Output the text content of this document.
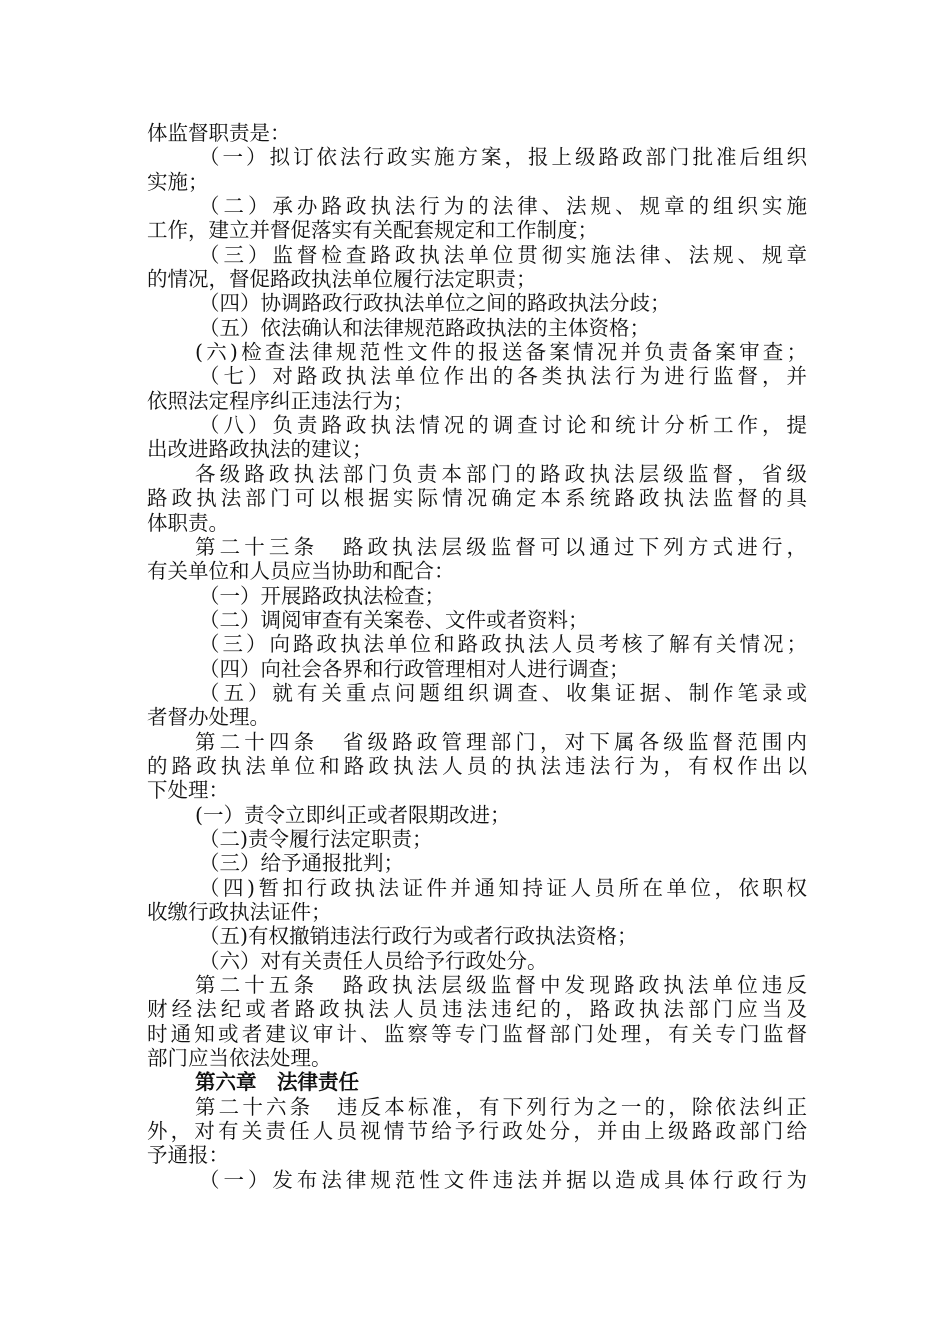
体监督职责是：
（一）拟订依法行政实施方案，报上级路政部门批准后组织
实施；
（二）承办路政执法行为的法律、法规、规章的组织实施
工作，建立并督促落实有关配套规定和工作制度；
（三）监督检查路政执法单位贯彻实施法律、法规、规章
的情况，督促路政执法单位履行法定职责；
（四）协调路政行政执法单位之间的路政执法分歧；
（五）依法确认和法律规范路政执法的主体资格；
(六)检查法律规范性文件的报送备案情况并负责备案审查；
（七）对路政执法单位作出的各类执法行为进行监督，并
依照法定程序纠正违法行为；
（八）负责路政执法情况的调查讨论和统计分析工作，提
出改进路政执法的建议；
各级路政执法部门负责本部门的路政执法层级监督，省级
路政执法部门可以根据实际情况确定本系统路政执法监督的具
体职责。
第二十三条　路政执法层级监督可以通过下列方式进行，
有关单位和人员应当协助和配合：
（一）开展路政执法检查；
（二）调阅审查有关案卷、文件或者资料；
（三）向路政执法单位和路政执法人员考核了解有关情况；
（四）向社会各界和行政管理相对人进行调查；
（五）就有关重点问题组织调查、收集证据、制作笔录或
者督办处理。
第二十四条　省级路政管理部门，对下属各级监督范围内
的路政执法单位和路政执法人员的执法违法行为，有权作出以
下处理：
(一）责令立即纠正或者限期改进；
（二)责令履行法定职责；
（三）给予通报批判；
（四)暂扣行政执法证件并通知持证人员所在单位，依职权
收缴行政执法证件；
（五)有权撤销违法行政行为或者行政执法资格；
（六）对有关责任人员给予行政处分。
第二十五条　路政执法层级监督中发现路政执法单位违反
财经法纪或者路政执法人员违法违纪的，路政执法部门应当及
时通知或者建议审计、监察等专门监督部门处理，有关专门监督
部门应当依法处理。
第六章　法律责任
第二十六条　违反本标准，有下列行为之一的，除依法纠正
外，对有关责任人员视情节给予行政处分，并由上级路政部门给
予通报：
（一）发布法律规范性文件违法并据以造成具体行政行为
